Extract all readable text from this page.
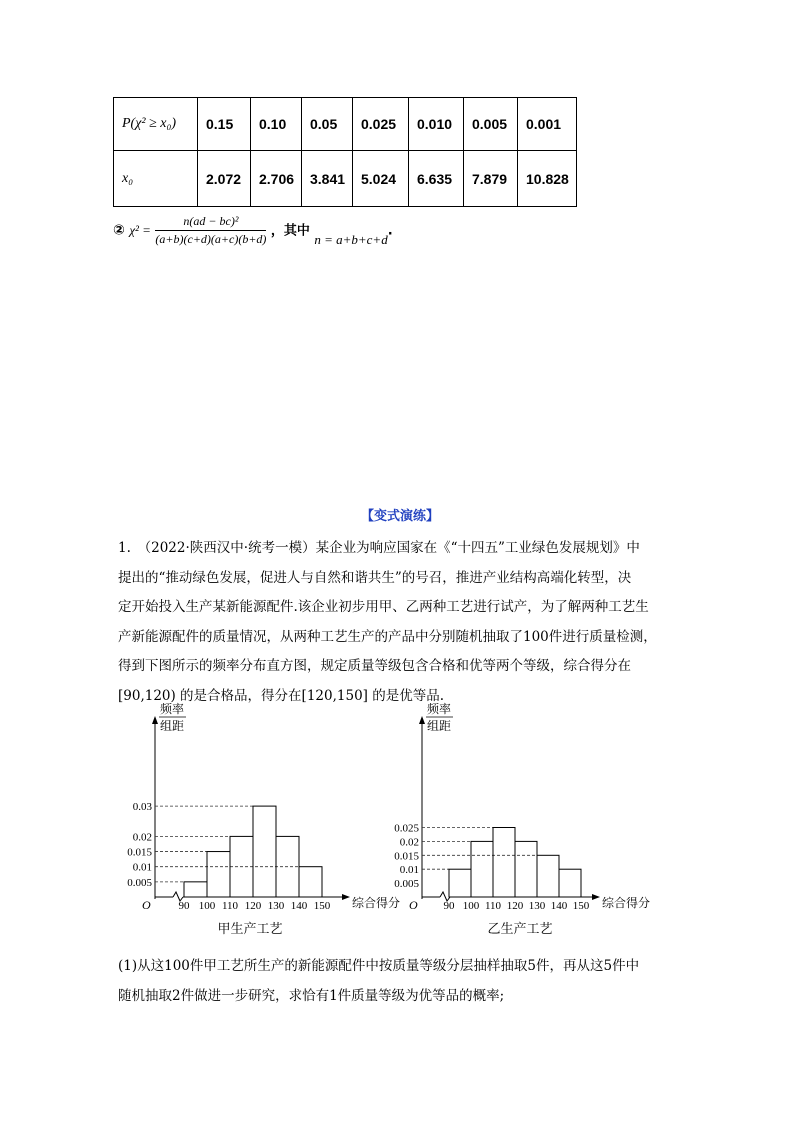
P(χ² ≥ x₀)	0.15	0.10	0.05	0.025	0.010	0.005	0.001
x₀	2.072	2.706	3.841	5.024	6.635	7.879	10.828
② $\chi^2 = \frac{\text{n(ad − bc)²}}{(a+b)(c+d)(a+c)(b+d)}$ ，其中 n = a+b+c+d.
【变式演练】

1.　（2022·陕西汉中·统考一模）某企业为响应国家在《“十四五”工业绿色发展规划》中

提出的“推动绿色发展，促进人与自然和谐共生”的号召，推进产业结构高端化转型，决

定开始投入生产某新能源配件.该企业初步用甲、乙两种工艺进行试产，为了解两种工艺生

产新能源配件的质量情况，从两种工艺生产的产品中分别随机抽取了100件进行质量检测，

得到下图所示的频率分布直方图，规定质量等级包含合格和优等两个等级，综合得分在

[90,120) 的是合格品，得分在[120,150] 的是优等品.

频率
组距
综合得分
O
0.005
0.01
0.015
0.02
0.03
90 100 110 120 130 140 150
甲生产工艺
频率
组距
综合得分
O
0.005
0.01
0.015
0.02
0.025
90 100 110 120 130 140 150
乙生产工艺

(1)从这100件甲工艺所生产的新能源配件中按质量等级分层抽样抽取5件，再从这5件中

随机抽取2件做进一步研究，求恰有1件质量等级为优等品的概率;
